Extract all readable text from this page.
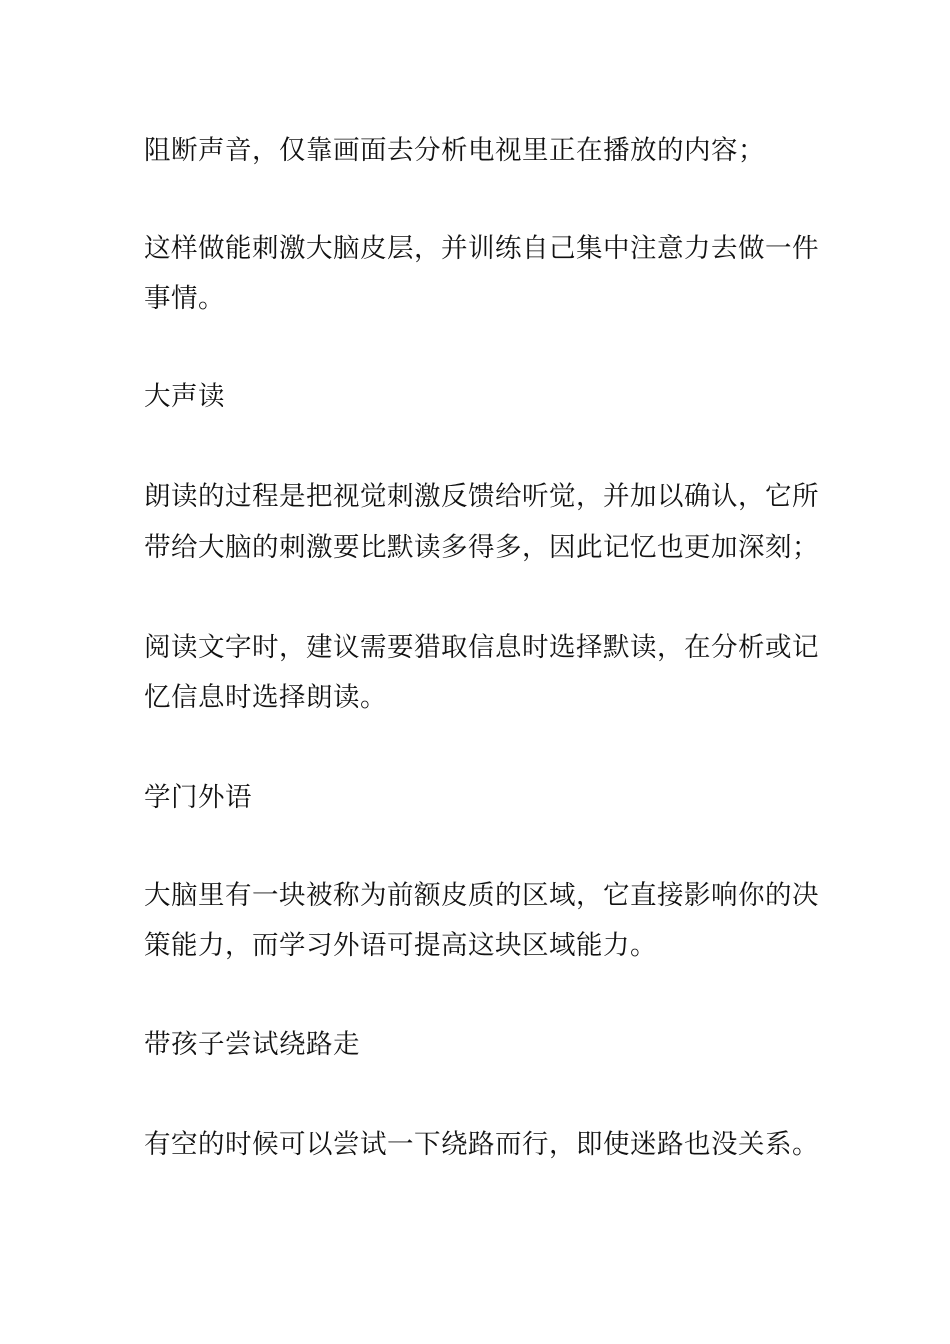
阻断声音，仅靠画面去分析电视里正在播放的内容；
这样做能刺激大脑皮层，并训练自己集中注意力去做一件
事情。
大声读
朗读的过程是把视觉刺激反馈给听觉，并加以确认，它所
带给大脑的刺激要比默读多得多，因此记忆也更加深刻；
阅读文字时，建议需要猎取信息时选择默读，在分析或记
忆信息时选择朗读。
学门外语
大脑里有一块被称为前额皮质的区域，它直接影响你的决
策能力，而学习外语可提高这块区域能力。
带孩子尝试绕路走
有空的时候可以尝试一下绕路而行，即使迷路也没关系。
